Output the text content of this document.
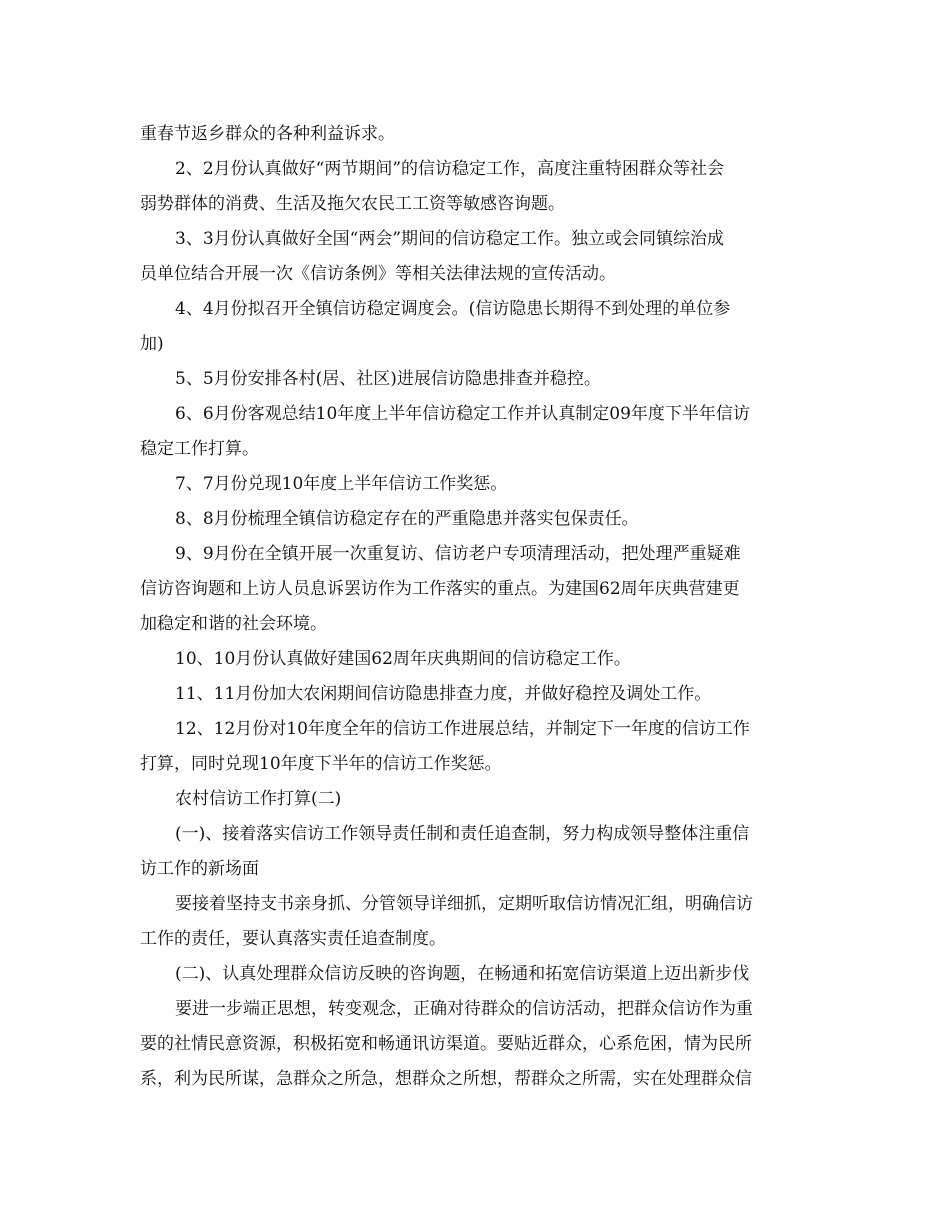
重春节返乡群众的各种利益诉求。
2、2月份认真做好“两节期间”的信访稳定工作，高度注重特困群众等社会
弱势群体的消费、生活及拖欠农民工工资等敏感咨询题。
3、3月份认真做好全国“两会”期间的信访稳定工作。独立或会同镇综治成
员单位结合开展一次《信访条例》等相关法律法规的宣传活动。
4、4月份拟召开全镇信访稳定调度会。(信访隐患长期得不到处理的单位参
加)
5、5月份安排各村(居、社区)进展信访隐患排查并稳控。
6、6月份客观总结10年度上半年信访稳定工作并认真制定09年度下半年信访
稳定工作打算。
7、7月份兑现10年度上半年信访工作奖惩。
8、8月份梳理全镇信访稳定存在的严重隐患并落实包保责任。
9、9月份在全镇开展一次重复访、信访老户专项清理活动，把处理严重疑难
信访咨询题和上访人员息诉罢访作为工作落实的重点。为建国62周年庆典营建更
加稳定和谐的社会环境。
10、10月份认真做好建国62周年庆典期间的信访稳定工作。
11、11月份加大农闲期间信访隐患排查力度，并做好稳控及调处工作。
12、12月份对10年度全年的信访工作进展总结，并制定下一年度的信访工作
打算，同时兑现10年度下半年的信访工作奖惩。
农村信访工作打算(二)
(一)、接着落实信访工作领导责任制和责任追查制，努力构成领导整体注重信
访工作的新场面
要接着坚持支书亲身抓、分管领导详细抓，定期听取信访情况汇组，明确信访
工作的责任，要认真落实责任追查制度。
(二)、认真处理群众信访反映的咨询题，在畅通和拓宽信访渠道上迈出新步伐
要进一步端正思想，转变观念，正确对待群众的信访活动，把群众信访作为重
要的社情民意资源，积极拓宽和畅通讯访渠道。要贴近群众，心系危困，情为民所
系，利为民所谋，急群众之所急，想群众之所想，帮群众之所需，实在处理群众信
